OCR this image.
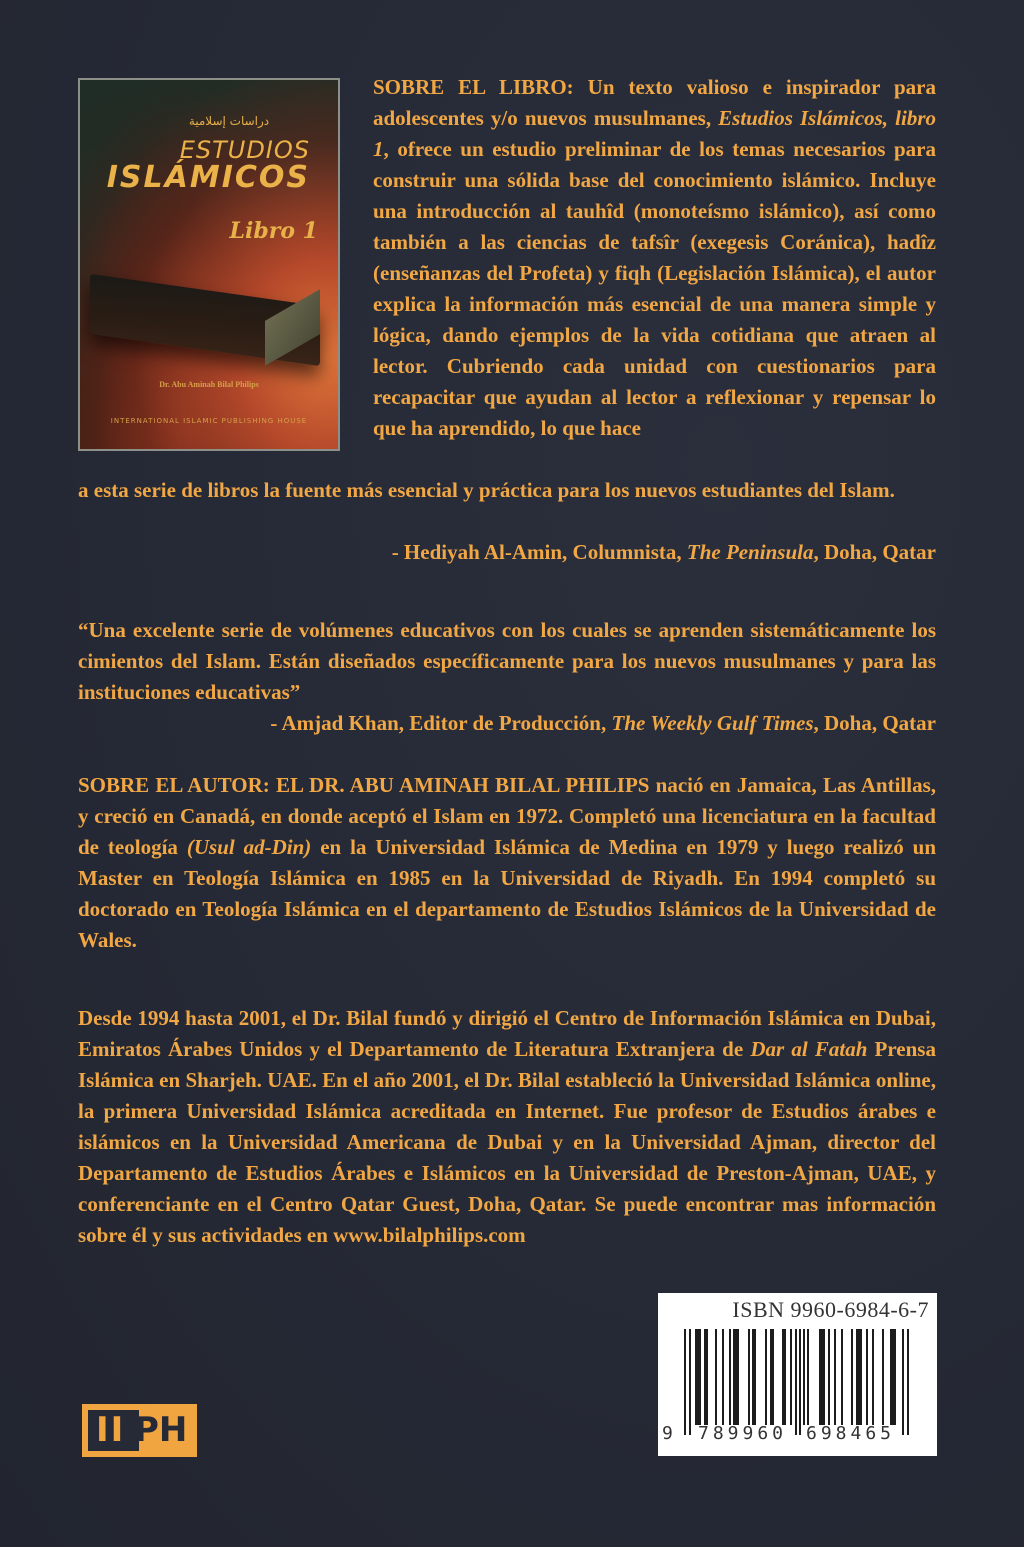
دراسات إسلامية
ESTUDIOS
ISLÁMICOS
Libro 1
Dr. Abu Aminah Bilal Philips
INTERNATIONAL ISLAMIC PUBLISHING HOUSE
SOBRE EL LIBRO: Un texto valioso e inspirador para adolescentes y/o nuevos musulmanes, Estudios Islámicos, libro 1, ofrece un estudio preliminar de los temas necesarios para construir una sólida base del conocimiento islámico. Incluye una introducción al tauhîd (monoteísmo islámico), así como también a las ciencias de tafsîr (exegesis Coránica), hadîz (enseñanzas del Profeta) y fiqh (Legislación Islámica), el autor explica la información más esencial de una manera simple y lógica, dando ejemplos de la vida cotidiana que atraen al lector. Cubriendo cada unidad con cuestionarios para recapacitar que ayudan al lector a reflexionar y repensar lo que ha aprendido, lo que hace
a esta serie de libros la fuente más esencial y práctica para los nuevos estudiantes del Islam.
- Hediyah Al-Amin, Columnista, The Peninsula, Doha, Qatar
“Una excelente serie de volúmenes educativos con los cuales se aprenden sistemáticamente los cimientos del Islam. Están diseñados específicamente para los nuevos musulmanes y para las instituciones educativas”
- Amjad Khan, Editor de Producción, The Weekly Gulf Times, Doha, Qatar
SOBRE EL AUTOR: EL DR. ABU AMINAH BILAL PHILIPS nació en Jamaica, Las Antillas, y creció en Canadá, en donde aceptó el Islam en 1972. Completó una licenciatura en la facultad de teología (Usul ad-Din) en la Universidad Islámica de Medina en 1979 y luego realizó un Master en Teología Islámica en 1985 en la Universidad de Riyadh. En 1994 completó su doctorado en Teología Islámica en el departamento de Estudios Islámicos de la Universidad de Wales.
Desde 1994 hasta 2001, el Dr. Bilal fundó y dirigió el Centro de Información Islámica en Dubai, Emiratos Árabes Unidos y el Departamento de Literatura Extranjera de Dar al Fatah Prensa Islámica en Sharjeh. UAE. En el año 2001, el Dr. Bilal estableció la Universidad Islámica online, la primera Universidad Islámica acreditada en Internet. Fue profesor de Estudios árabes e islámicos en la Universidad Americana de Dubai y en la Universidad Ajman, director del Departamento de Estudios Árabes e Islámicos en la Universidad de Preston-Ajman, UAE, y conferenciante en el Centro Qatar Guest, Doha, Qatar. Se puede encontrar mas información sobre él y sus actividades en www.bilalphilips.com
ISBN 9960-6984-6-7
9 789960 698465
II PH
